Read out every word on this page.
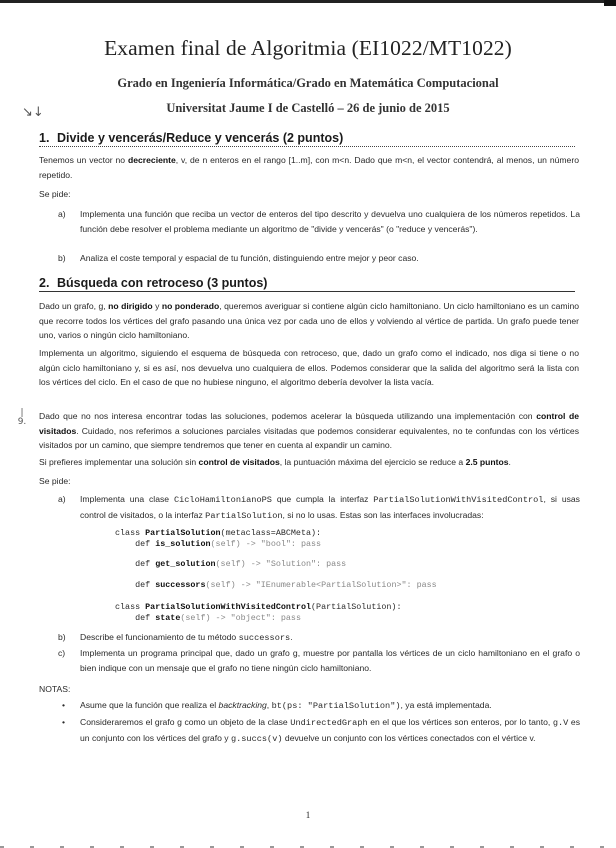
Examen final de Algoritmia (EI1022/MT1022)
Grado en Ingeniería Informática/Grado en Matemática Computacional
Universitat Jaume I de Castelló – 26 de junio de 2015
↘↓
|
9.
1. Divide y vencerás/Reduce y vencerás (2 puntos)
Tenemos un vector no decreciente, v, de n enteros en el rango [1..m], con m<n. Dado que m<n, el vector contendrá, al menos, un número repetido.
Se pide:
a)	Implementa una función que reciba un vector de enteros del tipo descrito y devuelva uno cualquiera de los números repetidos. La función debe resolver el problema mediante un algoritmo de "divide y vencerás" (o "reduce y vencerás").
b)	Analiza el coste temporal y espacial de tu función, distinguiendo entre mejor y peor caso.
2. Búsqueda con retroceso (3 puntos)
Dado un grafo, g, no dirigido y no ponderado, queremos averiguar si contiene algún ciclo hamiltoniano. Un ciclo hamiltoniano es un camino que recorre todos los vértices del grafo pasando una única vez por cada uno de ellos y volviendo al vértice de partida. Un grafo puede tener uno, varios o ningún ciclo hamiltoniano.
Implementa un algoritmo, siguiendo el esquema de búsqueda con retroceso, que, dado un grafo como el indicado, nos diga si tiene o no algún ciclo hamiltoniano y, si es así, nos devuelva uno cualquiera de ellos. Podemos considerar que la salida del algoritmo será la lista con los vértices del ciclo. En el caso de que no hubiese ninguno, el algoritmo debería devolver la lista vacía.
Dado que no nos interesa encontrar todas las soluciones, podemos acelerar la búsqueda utilizando una implementación con control de visitados. Cuidado, nos referimos a soluciones parciales visitadas que podemos considerar equivalentes, no te confundas con los vértices visitados por un camino, que siempre tendremos que tener en cuenta al expandir un camino.
Si prefieres implementar una solución sin control de visitados, la puntuación máxima del ejercicio se reduce a 2.5 puntos.
Se pide:
a)	Implementa una clase CicloHamiltonianoPS que cumpla la interfaz PartialSolutionWithVisitedControl, si usas control de visitados, o la interfaz PartialSolution, si no lo usas. Estas son las interfaces involucradas:
class PartialSolution(metaclass=ABCMeta):
def is_solution(self) -> "bool": pass
def get_solution(self) -> "Solution": pass
def successors(self) -> "IEnumerable<PartialSolution>": pass
class PartialSolutionWithVisitedControl(PartialSolution):
def state(self) -> "object": pass
b)	Describe el funcionamiento de tu método successors.
c)	Implementa un programa principal que, dado un grafo g, muestre por pantalla los vértices de un ciclo hamiltoniano en el grafo o bien indique con un mensaje que el grafo no tiene ningún ciclo hamiltoniano.
NOTAS:
• Asume que la función que realiza el backtracking, bt(ps: "PartialSolution"), ya está implementada.
• Consideraremos el grafo g como un objeto de la clase UndirectedGraph en el que los vértices son enteros, por lo tanto, g.V es un conjunto con los vértices del grafo y g.succs(v) devuelve un conjunto con los vértices conectados con el vértice v.
1
